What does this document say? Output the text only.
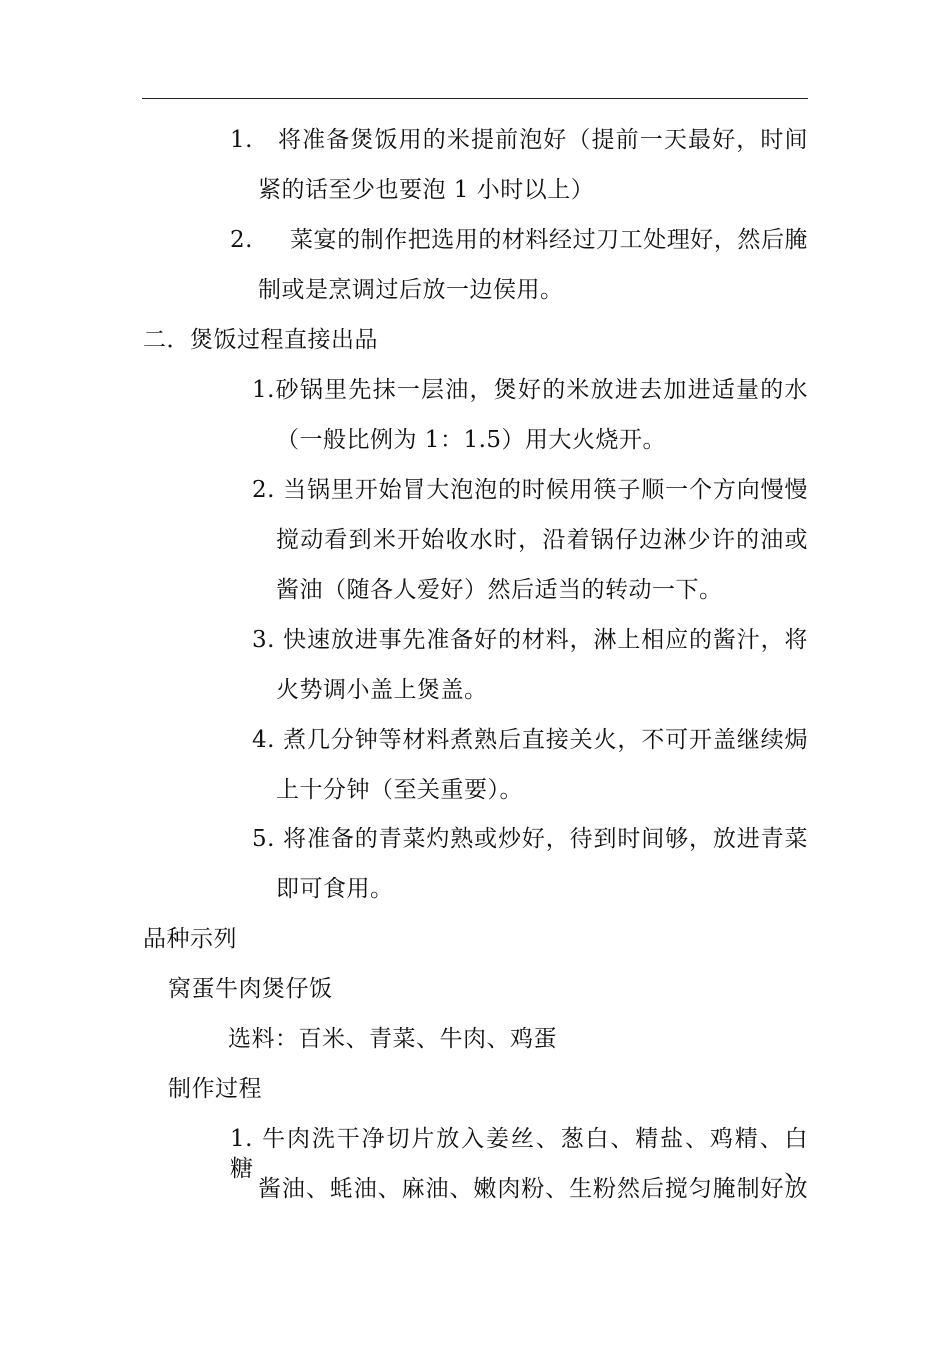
1. 将准备煲饭用的米提前泡好（提前一天最好，时间
紧的话至少也要泡 1 小时以上）
2. 菜宴的制作把选用的材料经过刀工处理好，然后腌
制或是烹调过后放一边侯用。
二．煲饭过程直接出品
1.砂锅里先抹一层油，煲好的米放进去加进适量的水
（一般比例为 1：1.5）用大火烧开。
2. 当锅里开始冒大泡泡的时候用筷子顺一个方向慢慢
搅动看到米开始收水时，沿着锅仔边淋少许的油或
酱油（随各人爱好）然后适当的转动一下。
3. 快速放进事先准备好的材料，淋上相应的酱汁，将
火势调小盖上煲盖。
4. 煮几分钟等材料煮熟后直接关火，不可开盖继续焗
上十分钟（至关重要）。
5. 将准备的青菜灼熟或炒好，待到时间够，放进青菜
即可食用。
品种示列
窝蛋牛肉煲仔饭
选料：百米、青菜、牛肉、鸡蛋
制作过程
1. 牛肉洗干净切片放入姜丝、葱白、精盐、鸡精、白糖、
酱油、蚝油、麻油、嫩肉粉、生粉然后搅匀腌制好放
